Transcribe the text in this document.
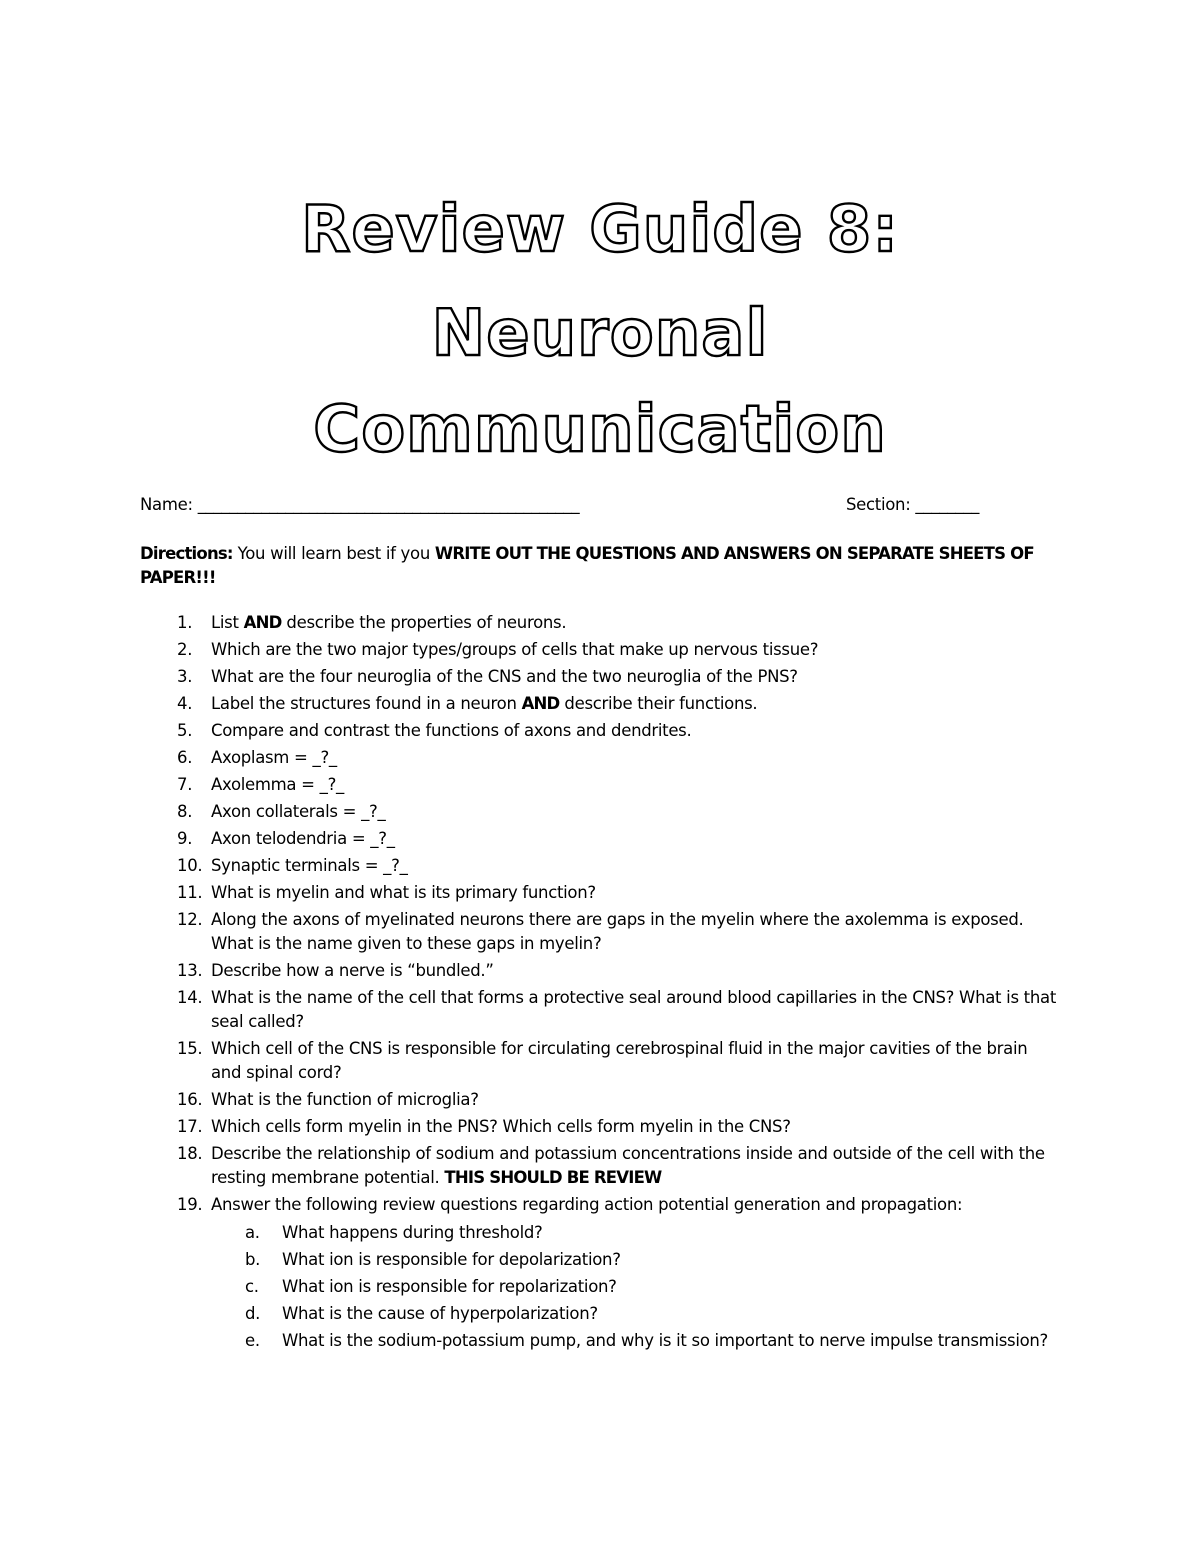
Review Guide 8:
Neuronal
Communication
Name: ________________________________________________	Section: ________
Directions: You will learn best if you WRITE OUT THE QUESTIONS AND ANSWERS ON SEPARATE SHEETS OF PAPER!!!
1. List AND describe the properties of neurons.
2. Which are the two major types/groups of cells that make up nervous tissue?
3. What are the four neuroglia of the CNS and the two neuroglia of the PNS?
4. Label the structures found in a neuron AND describe their functions.
5. Compare and contrast the functions of axons and dendrites.
6. Axoplasm = _?_
7. Axolemma = _?_
8. Axon collaterals = _?_
9. Axon telodendria = _?_
10. Synaptic terminals = _?_
11. What is myelin and what is its primary function?
12. Along the axons of myelinated neurons there are gaps in the myelin where the axolemma is exposed. What is the name given to these gaps in myelin?
13. Describe how a nerve is “bundled.”
14. What is the name of the cell that forms a protective seal around blood capillaries in the CNS? What is that seal called?
15. Which cell of the CNS is responsible for circulating cerebrospinal fluid in the major cavities of the brain and spinal cord?
16. What is the function of microglia?
17. Which cells form myelin in the PNS? Which cells form myelin in the CNS?
18. Describe the relationship of sodium and potassium concentrations inside and outside of the cell with the resting membrane potential. THIS SHOULD BE REVIEW
19. Answer the following review questions regarding action potential generation and propagation:
a. What happens during threshold?
b. What ion is responsible for depolarization?
c. What ion is responsible for repolarization?
d. What is the cause of hyperpolarization?
e. What is the sodium-potassium pump, and why is it so important to nerve impulse transmission?
